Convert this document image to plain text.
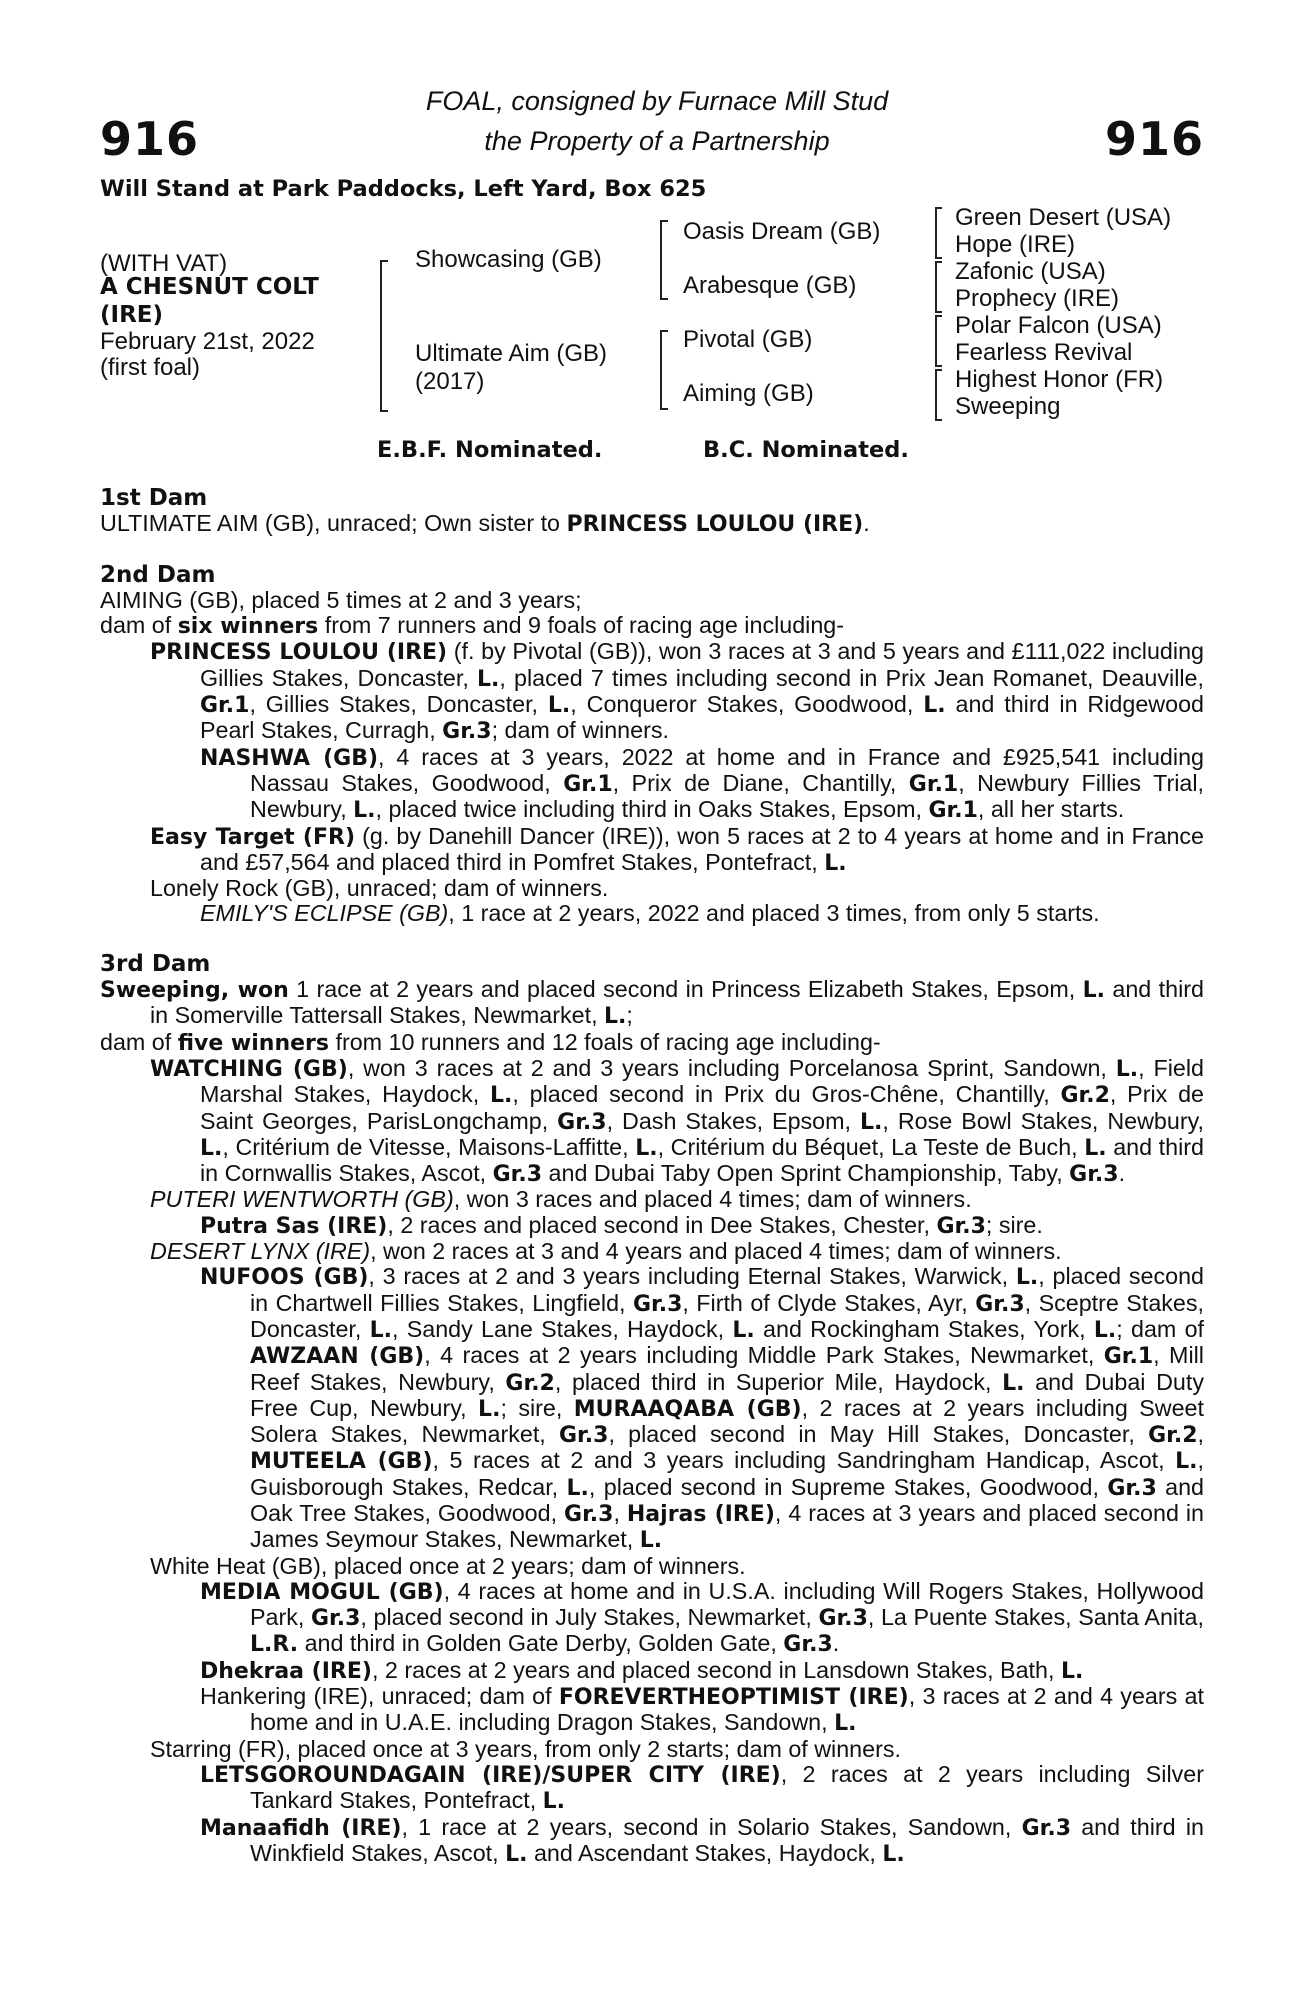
916	916
FOAL, consigned by Furnace Mill Stud
the Property of a Partnership
Will Stand at Park Paddocks, Left Yard, Box 625
(WITH VAT)
A CHESNUT COLT
(IRE)
February 21st, 2022
(first foal)
Showcasing (GB)
Ultimate Aim (GB)
(2017)
Oasis Dream (GB)
Arabesque (GB)
Pivotal (GB)
Aiming (GB)
Green Desert (USA)
Hope (IRE)
Zafonic (USA)
Prophecy (IRE)
Polar Falcon (USA)
Fearless Revival
Highest Honor (FR)
Sweeping
E.B.F. Nominated.	B.C. Nominated.
1st Dam

ULTIMATE AIM (GB), unraced; Own sister to PRINCESS LOULOU (IRE).

2nd Dam

AIMING (GB), placed 5 times at 2 and 3 years;

dam of six winners from 7 runners and 9 foals of racing age including-

PRINCESS LOULOU (IRE) (f. by Pivotal (GB)), won 3 races at 3 and 5 years and £111,022 including Gillies Stakes, Doncaster, L., placed 7 times including second in Prix Jean Romanet, Deauville, Gr.1, Gillies Stakes, Doncaster, L., Conqueror Stakes, Goodwood, L. and third in Ridgewood Pearl Stakes, Curragh, Gr.3; dam of winners.

NASHWA (GB), 4 races at 3 years, 2022 at home and in France and £925,541 including Nassau Stakes, Goodwood, Gr.1, Prix de Diane, Chantilly, Gr.1, Newbury Fillies Trial, Newbury, L., placed twice including third in Oaks Stakes, Epsom, Gr.1, all her starts.

Easy Target (FR) (g. by Danehill Dancer (IRE)), won 5 races at 2 to 4 years at home and in France and £57,564 and placed third in Pomfret Stakes, Pontefract, L.

Lonely Rock (GB), unraced; dam of winners.

EMILY'S ECLIPSE (GB), 1 race at 2 years, 2022 and placed 3 times, from only 5 starts.

3rd Dam

Sweeping, won 1 race at 2 years and placed second in Princess Elizabeth Stakes, Epsom, L. and third in Somerville Tattersall Stakes, Newmarket, L.;

dam of five winners from 10 runners and 12 foals of racing age including-

WATCHING (GB), won 3 races at 2 and 3 years including Porcelanosa Sprint, Sandown, L., Field Marshal Stakes, Haydock, L., placed second in Prix du Gros-Chêne, Chantilly, Gr.2, Prix de Saint Georges, ParisLongchamp, Gr.3, Dash Stakes, Epsom, L., Rose Bowl Stakes, Newbury, L., Critérium de Vitesse, Maisons-Laffitte, L., Critérium du Béquet, La Teste de Buch, L. and third in Cornwallis Stakes, Ascot, Gr.3 and Dubai Taby Open Sprint Championship, Taby, Gr.3.

PUTERI WENTWORTH (GB), won 3 races and placed 4 times; dam of winners.

Putra Sas (IRE), 2 races and placed second in Dee Stakes, Chester, Gr.3; sire.

DESERT LYNX (IRE), won 2 races at 3 and 4 years and placed 4 times; dam of winners.

NUFOOS (GB), 3 races at 2 and 3 years including Eternal Stakes, Warwick, L., placed second in Chartwell Fillies Stakes, Lingfield, Gr.3, Firth of Clyde Stakes, Ayr, Gr.3, Sceptre Stakes, Doncaster, L., Sandy Lane Stakes, Haydock, L. and Rockingham Stakes, York, L.; dam of AWZAAN (GB), 4 races at 2 years including Middle Park Stakes, Newmarket, Gr.1, Mill Reef Stakes, Newbury, Gr.2, placed third in Superior Mile, Haydock, L. and Dubai Duty Free Cup, Newbury, L.; sire, MURAAQABA (GB), 2 races at 2 years including Sweet Solera Stakes, Newmarket, Gr.3, placed second in May Hill Stakes, Doncaster, Gr.2, MUTEELA (GB), 5 races at 2 and 3 years including Sandringham Handicap, Ascot, L., Guisborough Stakes, Redcar, L., placed second in Supreme Stakes, Goodwood, Gr.3 and Oak Tree Stakes, Goodwood, Gr.3, Hajras (IRE), 4 races at 3 years and placed second in James Seymour Stakes, Newmarket, L.

White Heat (GB), placed once at 2 years; dam of winners.

MEDIA MOGUL (GB), 4 races at home and in U.S.A. including Will Rogers Stakes, Hollywood Park, Gr.3, placed second in July Stakes, Newmarket, Gr.3, La Puente Stakes, Santa Anita, L.R. and third in Golden Gate Derby, Golden Gate, Gr.3.

Dhekraa (IRE), 2 races at 2 years and placed second in Lansdown Stakes, Bath, L.

Hankering (IRE), unraced; dam of FOREVERTHEOPTIMIST (IRE), 3 races at 2 and 4 years at home and in U.A.E. including Dragon Stakes, Sandown, L.

Starring (FR), placed once at 3 years, from only 2 starts; dam of winners.

LETSGOROUNDAGAIN (IRE)/SUPER CITY (IRE), 2 races at 2 years including Silver Tankard Stakes, Pontefract, L.

Manaafidh (IRE), 1 race at 2 years, second in Solario Stakes, Sandown, Gr.3 and third in Winkfield Stakes, Ascot, L. and Ascendant Stakes, Haydock, L.
